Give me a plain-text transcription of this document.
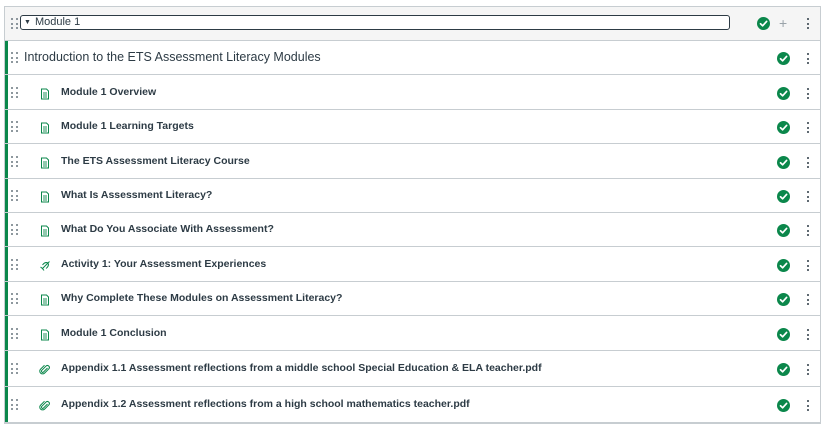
▼ Module 1	+
Introduction to the ETS Assessment Literacy Modules
Module 1 Overview
Module 1 Learning Targets
The ETS Assessment Literacy Course
What Is Assessment Literacy?
What Do You Associate With Assessment?
Activity 1: Your Assessment Experiences
Why Complete These Modules on Assessment Literacy?
Module 1 Conclusion
Appendix 1.1 Assessment reflections from a middle school Special Education & ELA teacher.pdf
Appendix 1.2 Assessment reflections from a high school mathematics teacher.pdf
